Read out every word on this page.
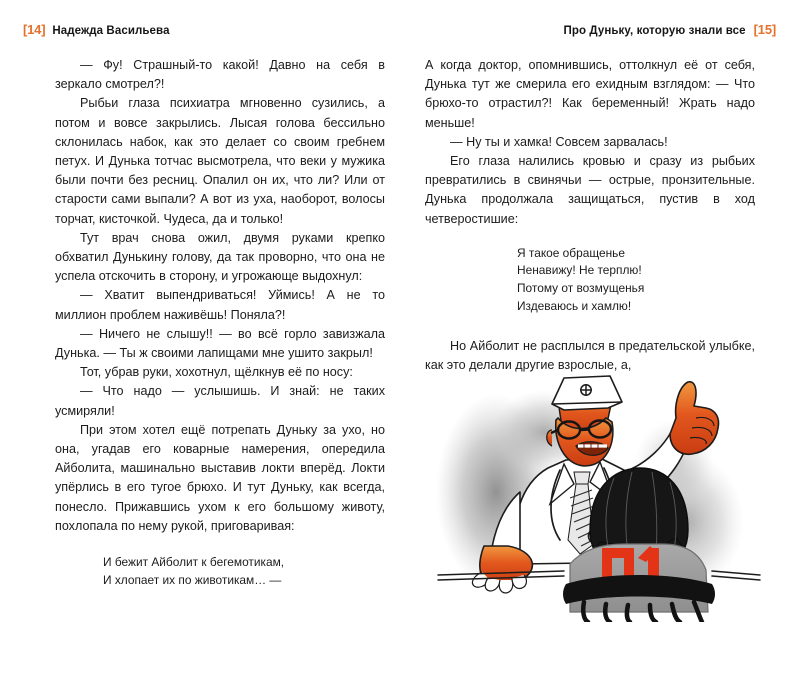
[14] Надежда Васильева

— Фу! Страшный-то какой! Давно на себя в зеркало смотрел?!

Рыбьи глаза психиатра мгновенно сузились, а потом и вовсе закрылись. Лысая голова бессильно склонилась набок, как это делает со своим гребнем петух. И Дунька тотчас высмотрела, что веки у мужика были почти без ресниц. Опалил он их, что ли? Или от старости сами выпали? А вот из уха, наоборот, волосы торчат, кисточкой. Чудеса, да и только!

Тут врач снова ожил, двумя руками крепко обхватил Дунькину голову, да так проворно, что она не успела отскочить в сторону, и угрожающе выдохнул:

— Хватит выпендриваться! Уймись! А не то миллион проблем наживёшь! Поняла?!

— Ничего не слышу!! — во всё горло завизжала Дунька. — Ты ж своими лапищами мне ушито закрыл!

Тот, убрав руки, хохотнул, щёлкнув её по носу:

— Что надо — услышишь. И знай: не таких усмиряли!

При этом хотел ещё потрепать Дуньку за ухо, но она, угадав его коварные намерения, опередила Айболита, машинально выставив локти вперёд. Локти упёрлись в его тугое брюхо. И тут Дуньку, как всегда, понесло. Прижавшись ухом к его большому животу, похлопала по нему рукой, приговаривая:

И бежит Айболит к бегемотикам,
И хлопает их по животикам… —
Про Дуньку, которую знали все [15]

А когда доктор, опомнившись, оттолкнул её от себя, Дунька тут же смерила его ехидным взглядом: — Что брюхо-то отрастил?! Как беременный! Жрать надо меньше!

— Ну ты и хамка! Совсем зарвалась!

Его глаза налились кровью и сразу из рыбьих превратились в свинячьи — острые, пронзительные. Дунька продолжала защищаться, пустив в ход четверостишие:

Я такое обращенье
Ненавижу! Не терплю!
Потому от возмущенья
Издеваюсь и хамлю!

Но Айболит не расплылся в предательской улыбке, как это делали другие взрослые, а,
